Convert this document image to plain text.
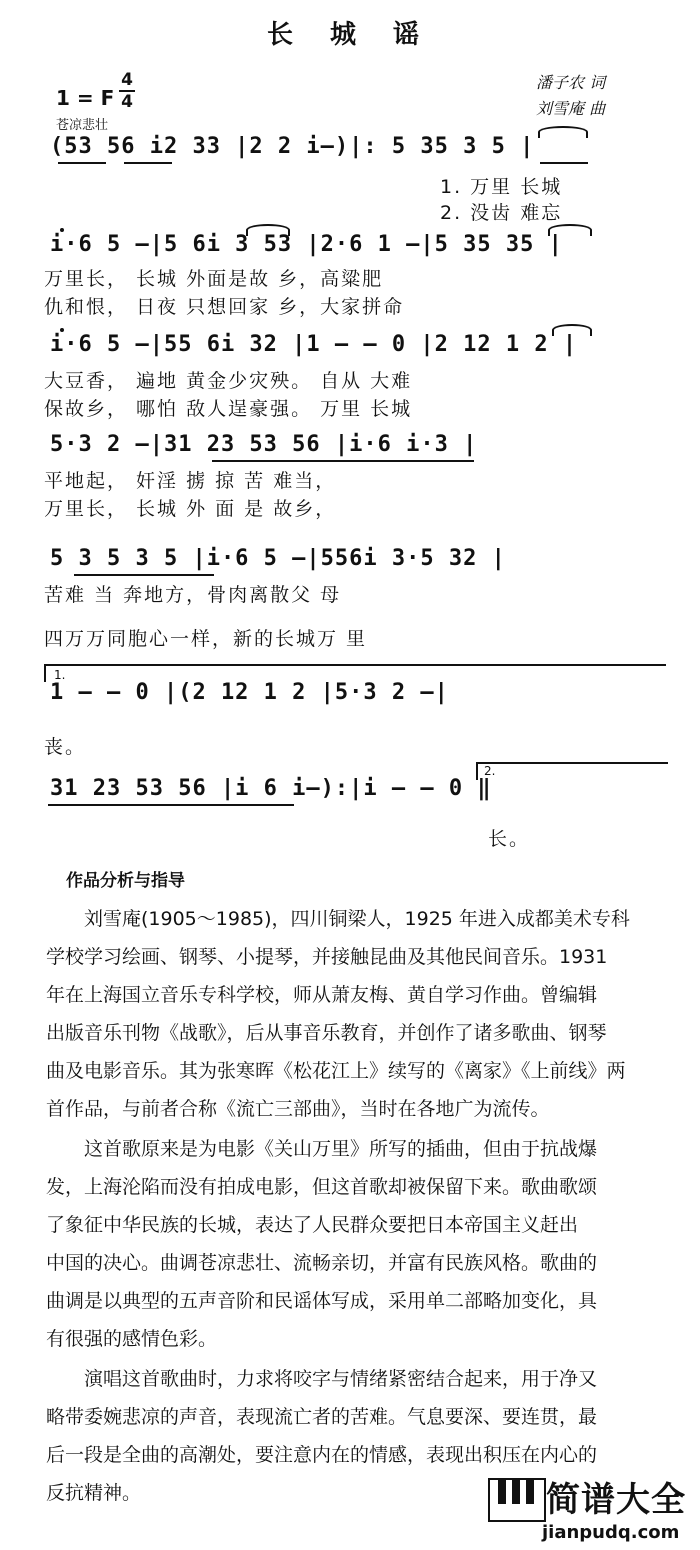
长 城 谣
1 = F
4
4
苍凉悲壮
潘子农 词
刘雪庵 曲
(53 56 i2 33 |2 2 i–)|: 5 35 3 5 |
1. 万里 长城
2. 没齿 难忘
i·6 5 –|5 6i 3 53 |2·6 1 –|5 35 35 |
万里长， 长城 外面是故 乡，高粱肥
仇和恨， 日夜 只想回家 乡，大家拼命
i·6 5 –|55 6i 32 |1 – – 0 |2 12 1 2 |
大豆香， 遍地 黄金少灾殃。 自从 大难
保故乡， 哪怕 敌人逞豪强。 万里 长城
5·3 2 –|31 23 53 56 |i·6 i·3 |
平地起， 奸淫 掳 掠 苦 难当，
万里长， 长城 外 面 是 故乡，
5 3 5 3 5 |i·6 5 –|556i 3·5 32 |
苦难 当 奔地方，骨肉离散父 母
四万万同胞心一样，新的长城万 里
1.
1 – – 0 |(2 12 1 2 |5·3 2 –|
丧。
31 23 53 56 |i 6 i–):|i – – 0 ‖
2.
长。
作品分析与指导
刘雪庵(1905～1985)，四川铜梁人，1925 年进入成都美术专科
学校学习绘画、钢琴、小提琴，并接触昆曲及其他民间音乐。1931
年在上海国立音乐专科学校，师从萧友梅、黄自学习作曲。曾编辑
出版音乐刊物《战歌》，后从事音乐教育，并创作了诸多歌曲、钢琴
曲及电影音乐。其为张寒晖《松花江上》续写的《离家》《上前线》两
首作品，与前者合称《流亡三部曲》，当时在各地广为流传。
这首歌原来是为电影《关山万里》所写的插曲，但由于抗战爆
发，上海沦陷而没有拍成电影，但这首歌却被保留下来。歌曲歌颂
了象征中华民族的长城，表达了人民群众要把日本帝国主义赶出
中国的决心。曲调苍凉悲壮、流畅亲切，并富有民族风格。歌曲的
曲调是以典型的五声音阶和民谣体写成，采用单二部略加变化，具
有很强的感情色彩。
演唱这首歌曲时，力求将咬字与情绪紧密结合起来，用于净又
略带委婉悲凉的声音，表现流亡者的苦难。气息要深、要连贯，最
后一段是全曲的高潮处，要注意内在的情感，表现出积压在内心的
反抗精神。	简谱大全
jianpudq.com
